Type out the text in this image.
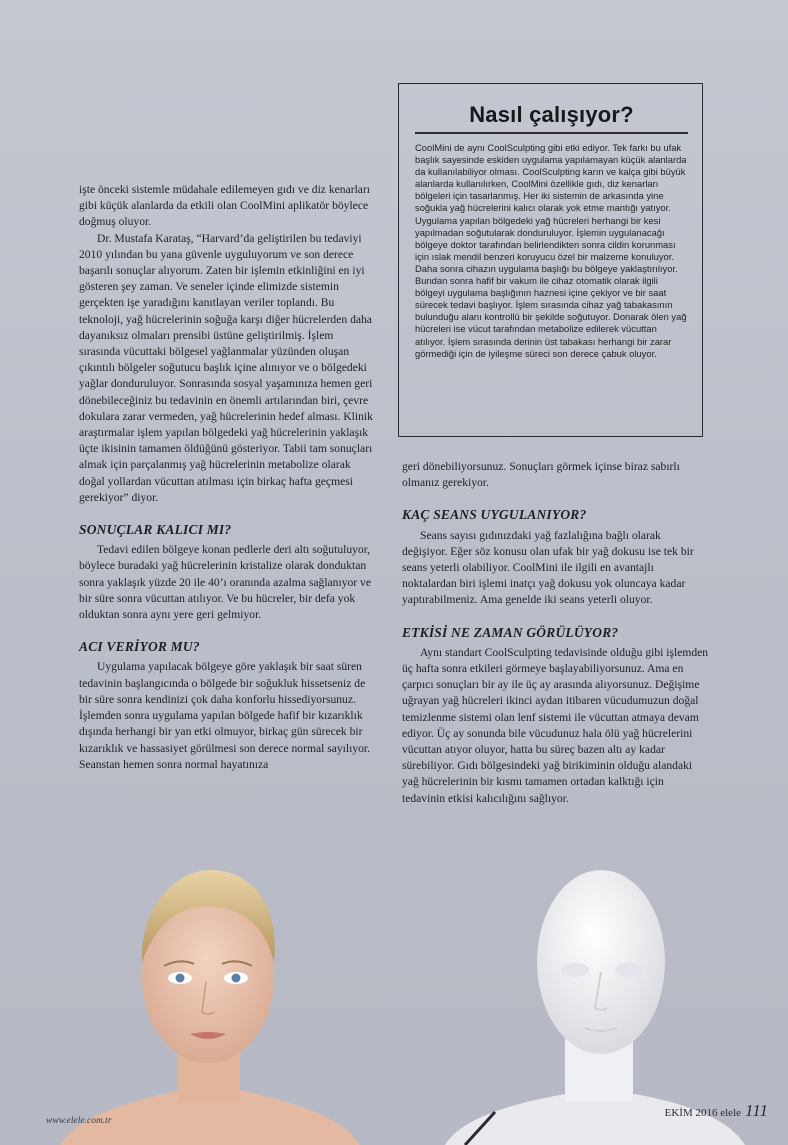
Nasıl çalışıyor?

CoolMini de aynı CoolSculpting gibi etki ediyor. Tek farkı bu ufak başlık sayesinde eskiden uygulama yapılamayan küçük alanlarda da kullanılabiliyor olması. CoolSculpting karın ve kalça gibi büyük alanlarda kullanılırken, CoolMini özellikle gıdı, diz kenarları bölgeleri için tasarlanmış. Her iki sistemin de arkasında yine soğukla yağ hücrelerini kalıcı olarak yok etme mantığı yatıyor. Uygulama yapılan bölgedeki yağ hücreleri herhangi bir kesi yapılmadan soğutularak donduruluyor. İşlemin uygulanacağı bölgeye doktor tarafından belirlendikten sonra cildin korunması için ıslak mendil benzeri koruyucu özel bir malzeme konuluyor. Daha sonra cihazın uygulama başlığı bu bölgeye yaklaştırılıyor. Bundan sonra hafif bir vakum ile cihaz otomatik olarak ilgili bölgeyi uygulama başlığının haznesi içine çekiyor ve bir saat sürecek tedavi başlıyor. İşlem sırasında cihaz yağ tabakasının bulunduğu alanı kontrollü bir şekilde soğutuyor. Donarak ölen yağ hücreleri ise vücut tarafından metabolize edilerek vücuttan atılıyor. İşlem sırasında derinin üst tabakası herhangi bir zarar görmediği için de iyileşme süreci son derece çabuk oluyor.

işte önceki sistemle müdahale edilemeyen gıdı ve diz kenarları gibi küçük alanlarda da etkili olan CoolMini aplikatör böylece doğmuş oluyor.

Dr. Mustafa Karataş, “Harvard’da geliştirilen bu tedaviyi 2010 yılından bu yana güvenle uyguluyorum ve son derece başarılı sonuçlar alıyorum. Zaten bir işlemin etkinliğini en iyi gösteren şey zaman. Ve seneler içinde elimizde sistemin gerçekten işe yaradığını kanıtlayan veriler toplandı. Bu teknoloji, yağ hücrelerinin soğuğa karşı diğer hücrelerden daha dayanıksız olmaları prensibi üstüne geliştirilmiş. İşlem sırasında vücuttaki bölgesel yağlanmalar yüzünden oluşan çıkıntılı bölgeler soğutucu başlık içine alınıyor ve o bölgedeki yağlar donduruluyor. Sonrasında sosyal yaşamınıza hemen geri dönebileceğiniz bu tedavinin en önemli artılarından biri, çevre dokulara zarar vermeden, yağ hücrelerinin hedef alması. Klinik araştırmalar işlem yapılan bölgedeki yağ hücrelerinin yaklaşık üçte ikisinin tamamen öldüğünü gösteriyor. Tabii tam sonuçları almak için parçalanmış yağ hücrelerinin metabolize olarak doğal yollardan vücuttan atılması için birkaç hafta geçmesi gerekiyor” diyor.

SONUÇLAR KALICI MI?

Tedavi edilen bölgeye konan pedlerle deri altı soğutuluyor, böylece buradaki yağ hücrelerinin kristalize olarak donduktan sonra yaklaşık yüzde 20 ile 40’ı oranında azalma sağlanıyor ve bir süre sonra vücuttan atılıyor. Ve bu hücreler, bir defa yok olduktan sonra aynı yere geri gelmiyor.

ACI VERİYOR MU?

Uygulama yapılacak bölgeye göre yaklaşık bir saat süren tedavinin başlangıcında o bölgede bir soğukluk hissetseniz de bir süre sonra kendinizi çok daha konforlu hissediyorsunuz. İşlemden sonra uygulama yapılan bölgede hafif bir kızarıklık dışında herhangi bir yan etki olmuyor, birkaç gün sürecek bir kızarıklık ve hassasiyet görülmesi son derece normal sayılıyor. Seanstan hemen sonra normal hayatınıza

geri dönebiliyorsunuz. Sonuçları görmek içinse biraz sabırlı olmanız gerekiyor.

KAÇ SEANS UYGULANIYOR?

Seans sayısı gıdınızdaki yağ fazlalığına bağlı olarak değişiyor. Eğer söz konusu olan ufak bir yağ dokusu ise tek bir seans yeterli olabiliyor. CoolMini ile ilgili en avantajlı noktalardan biri işlemi inatçı yağ dokusu yok oluncaya kadar yaptırabilmeniz. Ama genelde iki seans yeterli oluyor.

ETKİSİ NE ZAMAN GÖRÜLÜYOR?

Aynı standart CoolSculpting tedavisinde olduğu gibi işlemden üç hafta sonra etkileri görmeye başlayabiliyorsunuz. Ama en çarpıcı sonuçları bir ay ile üç ay arasında alıyorsunuz. Değişime uğrayan yağ hücreleri ikinci aydan itibaren vücudumuzun doğal temizlenme sistemi olan lenf sistemi ile vücuttan atmaya devam ediyor. Üç ay sonunda bile vücudunuz hala ölü yağ hücrelerini vücuttan atıyor oluyor, hatta bu süreç bazen altı ay kadar sürebiliyor. Gıdı bölgesindeki yağ birikiminin olduğu alandaki yağ hücrelerinin bir kısmı tamamen ortadan kalktığı için tedavinin etkisi kalıcılığını sağlıyor.

www.elele.com.tr
EKİM 2016 elele 111
